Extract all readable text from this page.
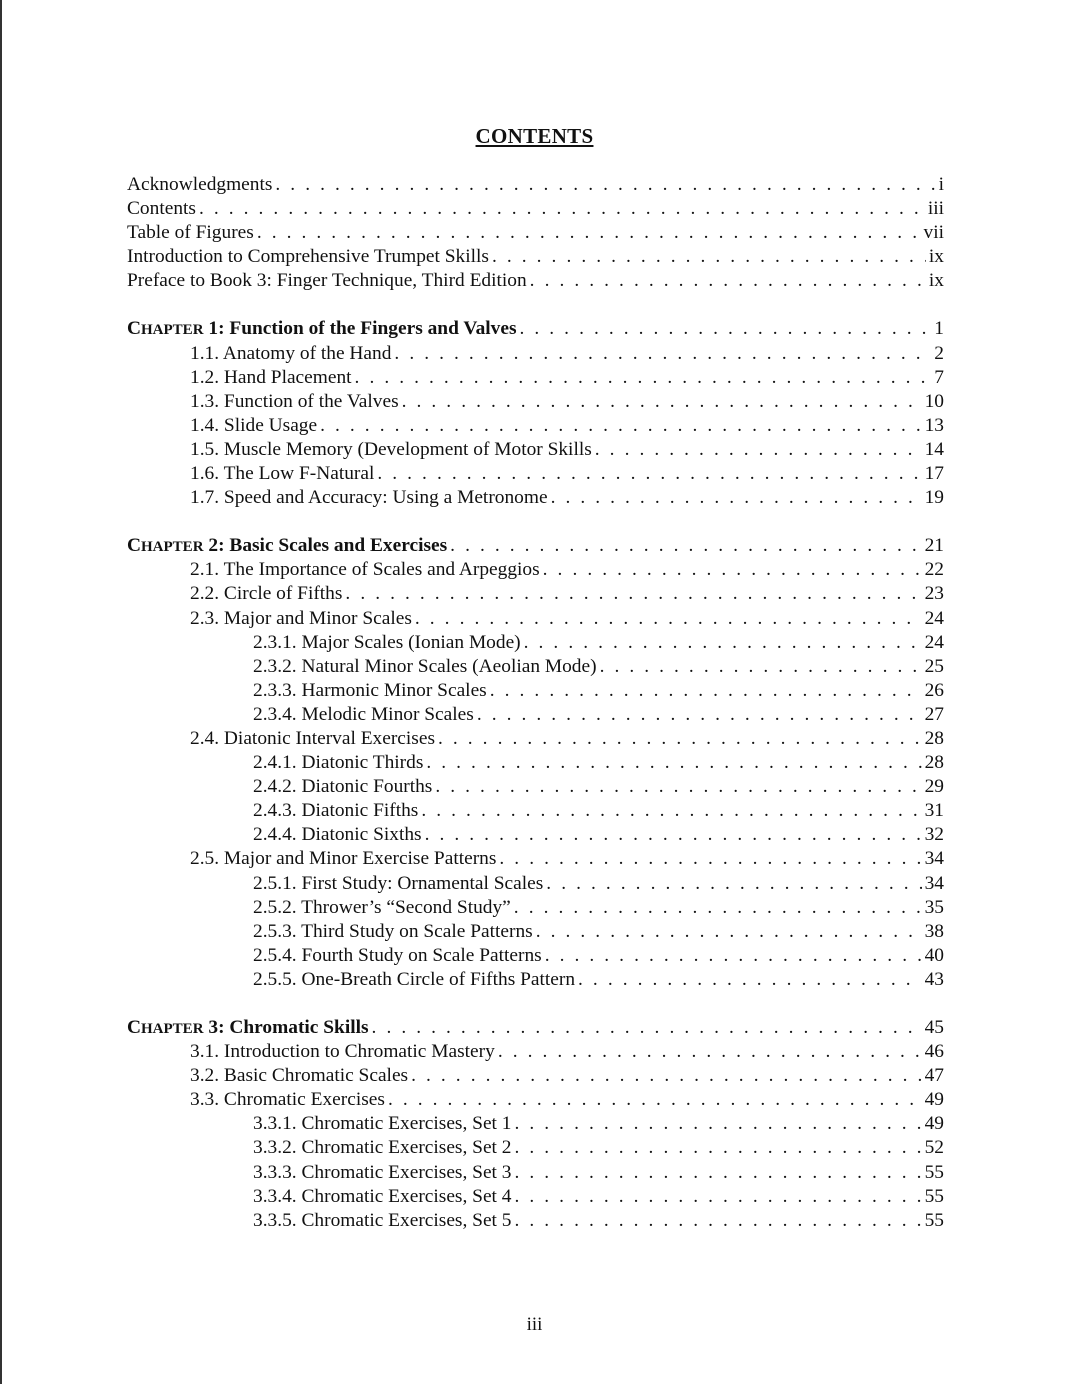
CONTENTS
Acknowledgments . . .	i
Contents . . .	iii
Table of Figures . . .	vii
Introduction to Comprehensive Trumpet Skills . . .	ix
Preface to Book 3: Finger Technique, Third Edition . . .	ix
CHAPTER 1: Function of the Fingers and Valves . . .	1
1.1. Anatomy of the Hand . . .	2
1.2. Hand Placement . . .	7
1.3. Function of the Valves . . .	10
1.4. Slide Usage . . .	13
1.5. Muscle Memory (Development of Motor Skills . . .	14
1.6. The Low F-Natural . . .	17
1.7. Speed and Accuracy: Using a Metronome . . .	19
CHAPTER 2: Basic Scales and Exercises . . .	21
2.1. The Importance of Scales and Arpeggios . . .	22
2.2. Circle of Fifths . . .	23
2.3. Major and Minor Scales . . .	24
2.3.1. Major Scales (Ionian Mode) . . .	24
2.3.2. Natural Minor Scales (Aeolian Mode) . . .	25
2.3.3. Harmonic Minor Scales . . .	26
2.3.4. Melodic Minor Scales . . .	27
2.4. Diatonic Interval Exercises . . .	28
2.4.1. Diatonic Thirds . . .	28
2.4.2. Diatonic Fourths . . .	29
2.4.3. Diatonic Fifths . . .	31
2.4.4. Diatonic Sixths . . .	32
2.5. Major and Minor Exercise Patterns . . .	34
2.5.1. First Study: Ornamental Scales . . .	34
2.5.2. Thrower’s “Second Study” . . .	35
2.5.3. Third Study on Scale Patterns . . .	38
2.5.4. Fourth Study on Scale Patterns . . .	40
2.5.5. One-Breath Circle of Fifths Pattern . . .	43
CHAPTER 3: Chromatic Skills . . .	45
3.1. Introduction to Chromatic Mastery . . .	46
3.2. Basic Chromatic Scales . . .	47
3.3. Chromatic Exercises . . .	49
3.3.1. Chromatic Exercises, Set 1 . . .	49
3.3.2. Chromatic Exercises, Set 2 . . .	52
3.3.3. Chromatic Exercises, Set 3 . . .	55
3.3.4. Chromatic Exercises, Set 4 . . .	55
3.3.5. Chromatic Exercises, Set 5 . . .	55
iii
